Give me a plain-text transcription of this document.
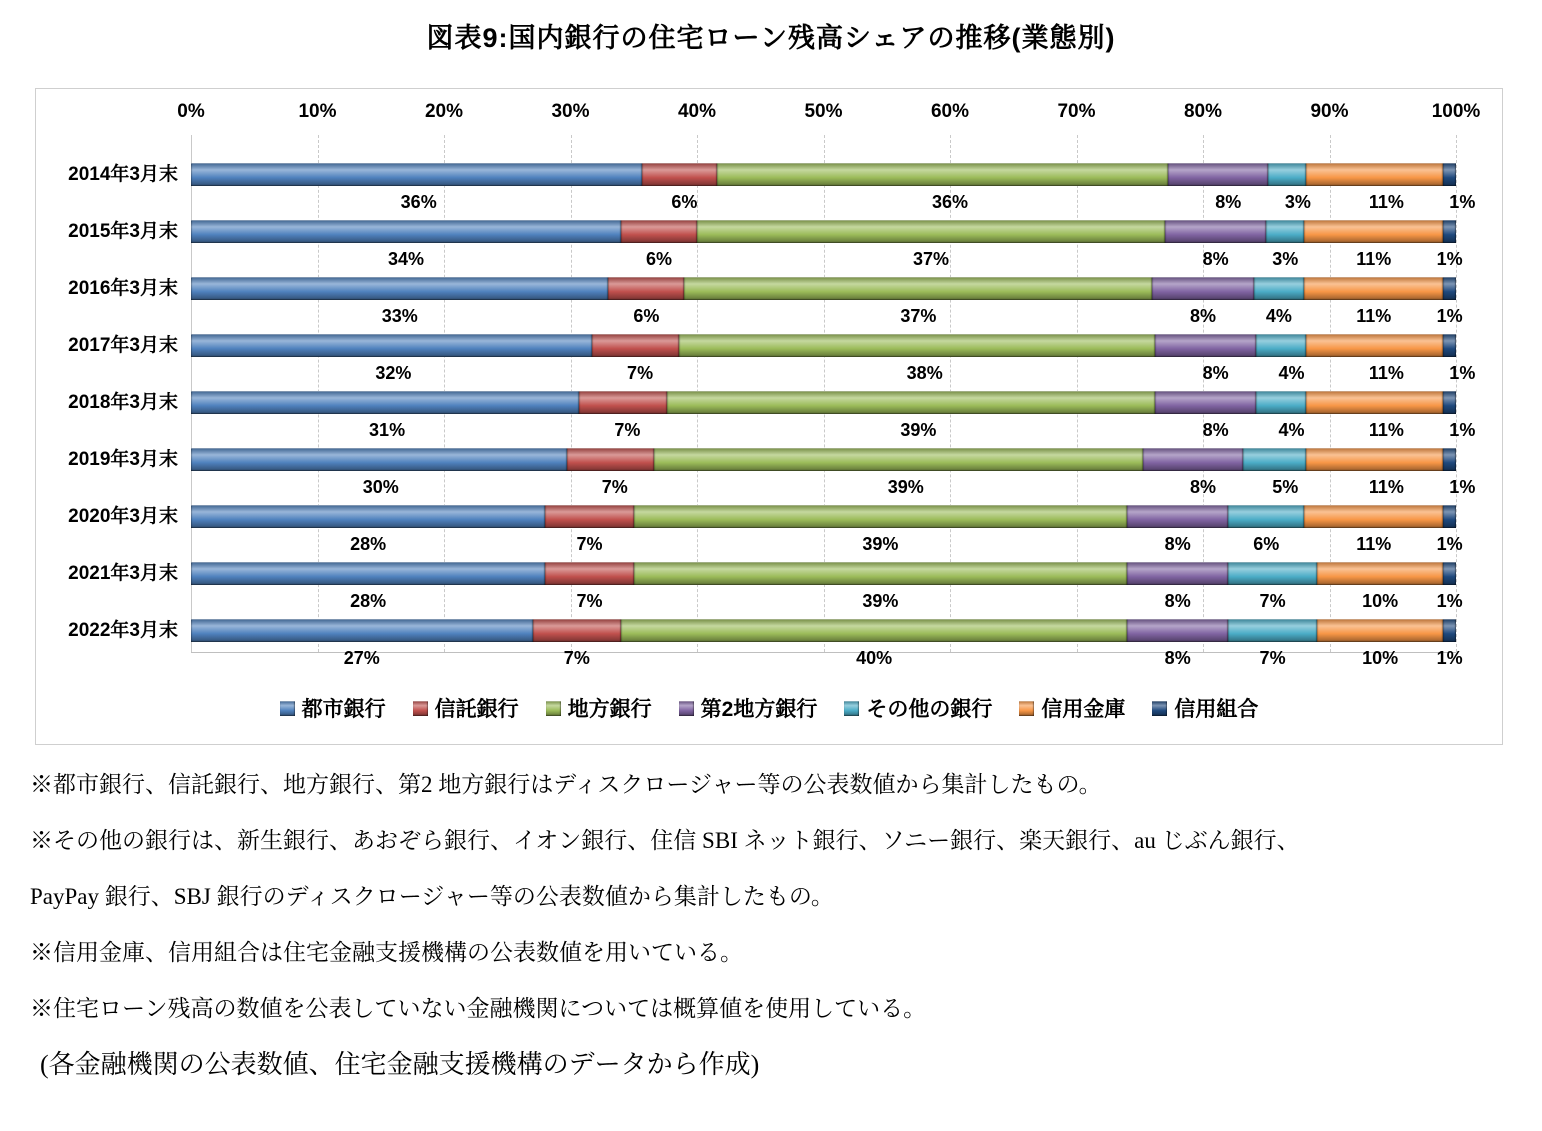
図表9:国内銀行の住宅ローン残高シェアの推移(業態別)
0%	10%	20%	30%	40%	50%	60%	70%	80%	90%	100%
2014年3月末
36%	6%	36%	8% 3%	11%	1%
2015年3月末
34%	6%	37%	8% 3%	11%	1%
2016年3月末
33%	6%	37%	8%	4%	11%	1%
2017年3月末
32%	7%	38%	8%	4%	11%	1%
2018年3月末
31%	7%	39%	8%	4%	11%	1%
2019年3月末
30%	7%	39%	8%	5%	11%	1%
2020年3月末
28%	7%	39%	8%	6%	11%	1%
2021年3月末
28%	7%	39%	8%	7%	10% 1%
2022年3月末
27%	7%	40%	8%	7%	10% 1%
都市銀行 信託銀行 地方銀行 第2地方銀行 その他の銀行 信用金庫 信用組合

※都市銀行、信託銀行、地方銀行、第2 地方銀行はディスクロージャー等の公表数値から集計したもの。

※その他の銀行は、新生銀行、あおぞら銀行、イオン銀行、住信 SBI ネット銀行、ソニー銀行、楽天銀行、au じぶん銀行、

PayPay 銀行、SBJ 銀行のディスクロージャー等の公表数値から集計したもの。

※信用金庫、信用組合は住宅金融支援機構の公表数値を用いている。

※住宅ローン残高の数値を公表していない金融機関については概算値を使用している。

(各金融機関の公表数値、住宅金融支援機構のデータから作成)
